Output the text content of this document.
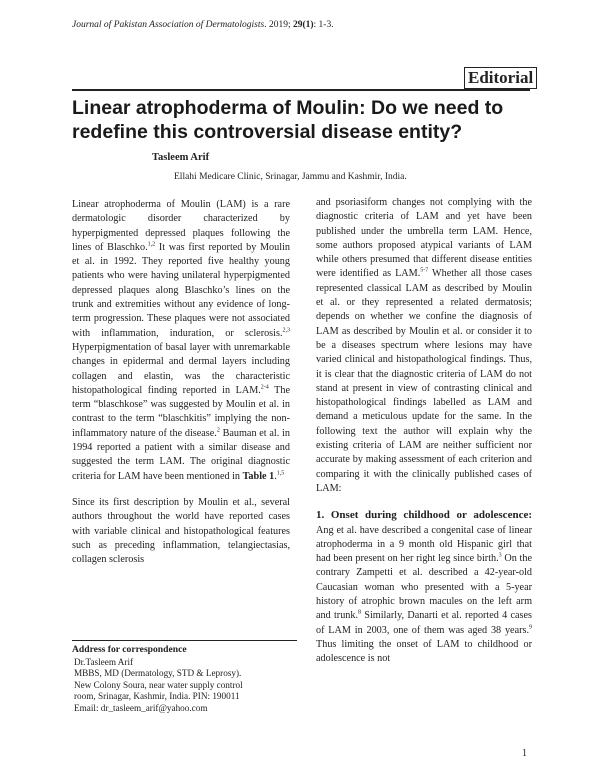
Journal of Pakistan Association of Dermatologists. 2019; 29(1): 1-3.
Editorial
Linear atrophoderma of Moulin: Do we need to redefine this controversial disease entity?
Tasleem Arif
Ellahi Medicare Clinic, Srinagar, Jammu and Kashmir, India.

Linear atrophoderma of Moulin (LAM) is a rare dermatologic disorder characterized by hyperpigmented depressed plaques following the lines of Blaschko.$^{1,2}$ It was first reported by Moulin et al. in 1992. They reported five healthy young patients who were having unilateral hyperpigmented depressed plaques along Blaschko’s lines on the trunk and extremities without any evidence of long-term progression. These plaques were not associated with inflammation, induration, or sclerosis.$^{2,3}$ Hyperpigmentation of basal layer with unremarkable changes in epidermal and dermal layers including collagen and elastin, was the characteristic histopathological finding reported in LAM.$^{2-4}$ The term “blaschkose” was suggested by Moulin et al. in contrast to the term “blaschkitis” implying the non-inflammatory nature of the disease.$^2$ Bauman et al. in 1994 reported a patient with a similar disease and suggested the term LAM. The original diagnostic criteria for LAM have been mentioned in Table 1.$^{1,5}$

Since its first description by Moulin et al., several authors throughout the world have reported cases with variable clinical and histopathological features such as preceding inflammation, telangiectasias, collagen sclerosis

Address for correspondence
Dr.Tasleem Arif
MBBS, MD (Dermatology, STD & Leprosy).
New Colony Soura, near water supply control
room, Srinagar, Kashmir, India. PIN: 190011
Email: dr_tasleem_arif@yahoo.com

and psoriasiform changes not complying with the diagnostic criteria of LAM and yet have been published under the umbrella term LAM. Hence, some authors proposed atypical variants of LAM while others presumed that different disease entities were identified as LAM.$^{5-7}$ Whether all those cases represented classical LAM as described by Moulin et al. or they represented a related dermatosis; depends on whether we confine the diagnosis of LAM as described by Moulin et al. or consider it to be a diseases spectrum where lesions may have varied clinical and histopathological findings. Thus, it is clear that the diagnostic criteria of LAM do not stand at present in view of contrasting clinical and histopathological findings labelled as LAM and demand a meticulous update for the same. In the following text the author will explain why the existing criteria of LAM are neither sufficient nor accurate by making assessment of each criterion and comparing it with the clinically published cases of LAM:

1. Onset during childhood or adolescence: Ang et al. have described a congenital case of linear atrophoderma in a 9 month old Hispanic girl that had been present on her right leg since birth.$^3$ On the contrary Zampetti et al. described a 42-year-old Caucasian woman who presented with a 5-year history of atrophic brown macules on the left arm and trunk.$^8$ Similarly, Danarti et al. reported 4 cases of LAM in 2003, one of them was aged 38 years.$^9$ Thus limiting the onset of LAM to childhood or adolescence is not

1
